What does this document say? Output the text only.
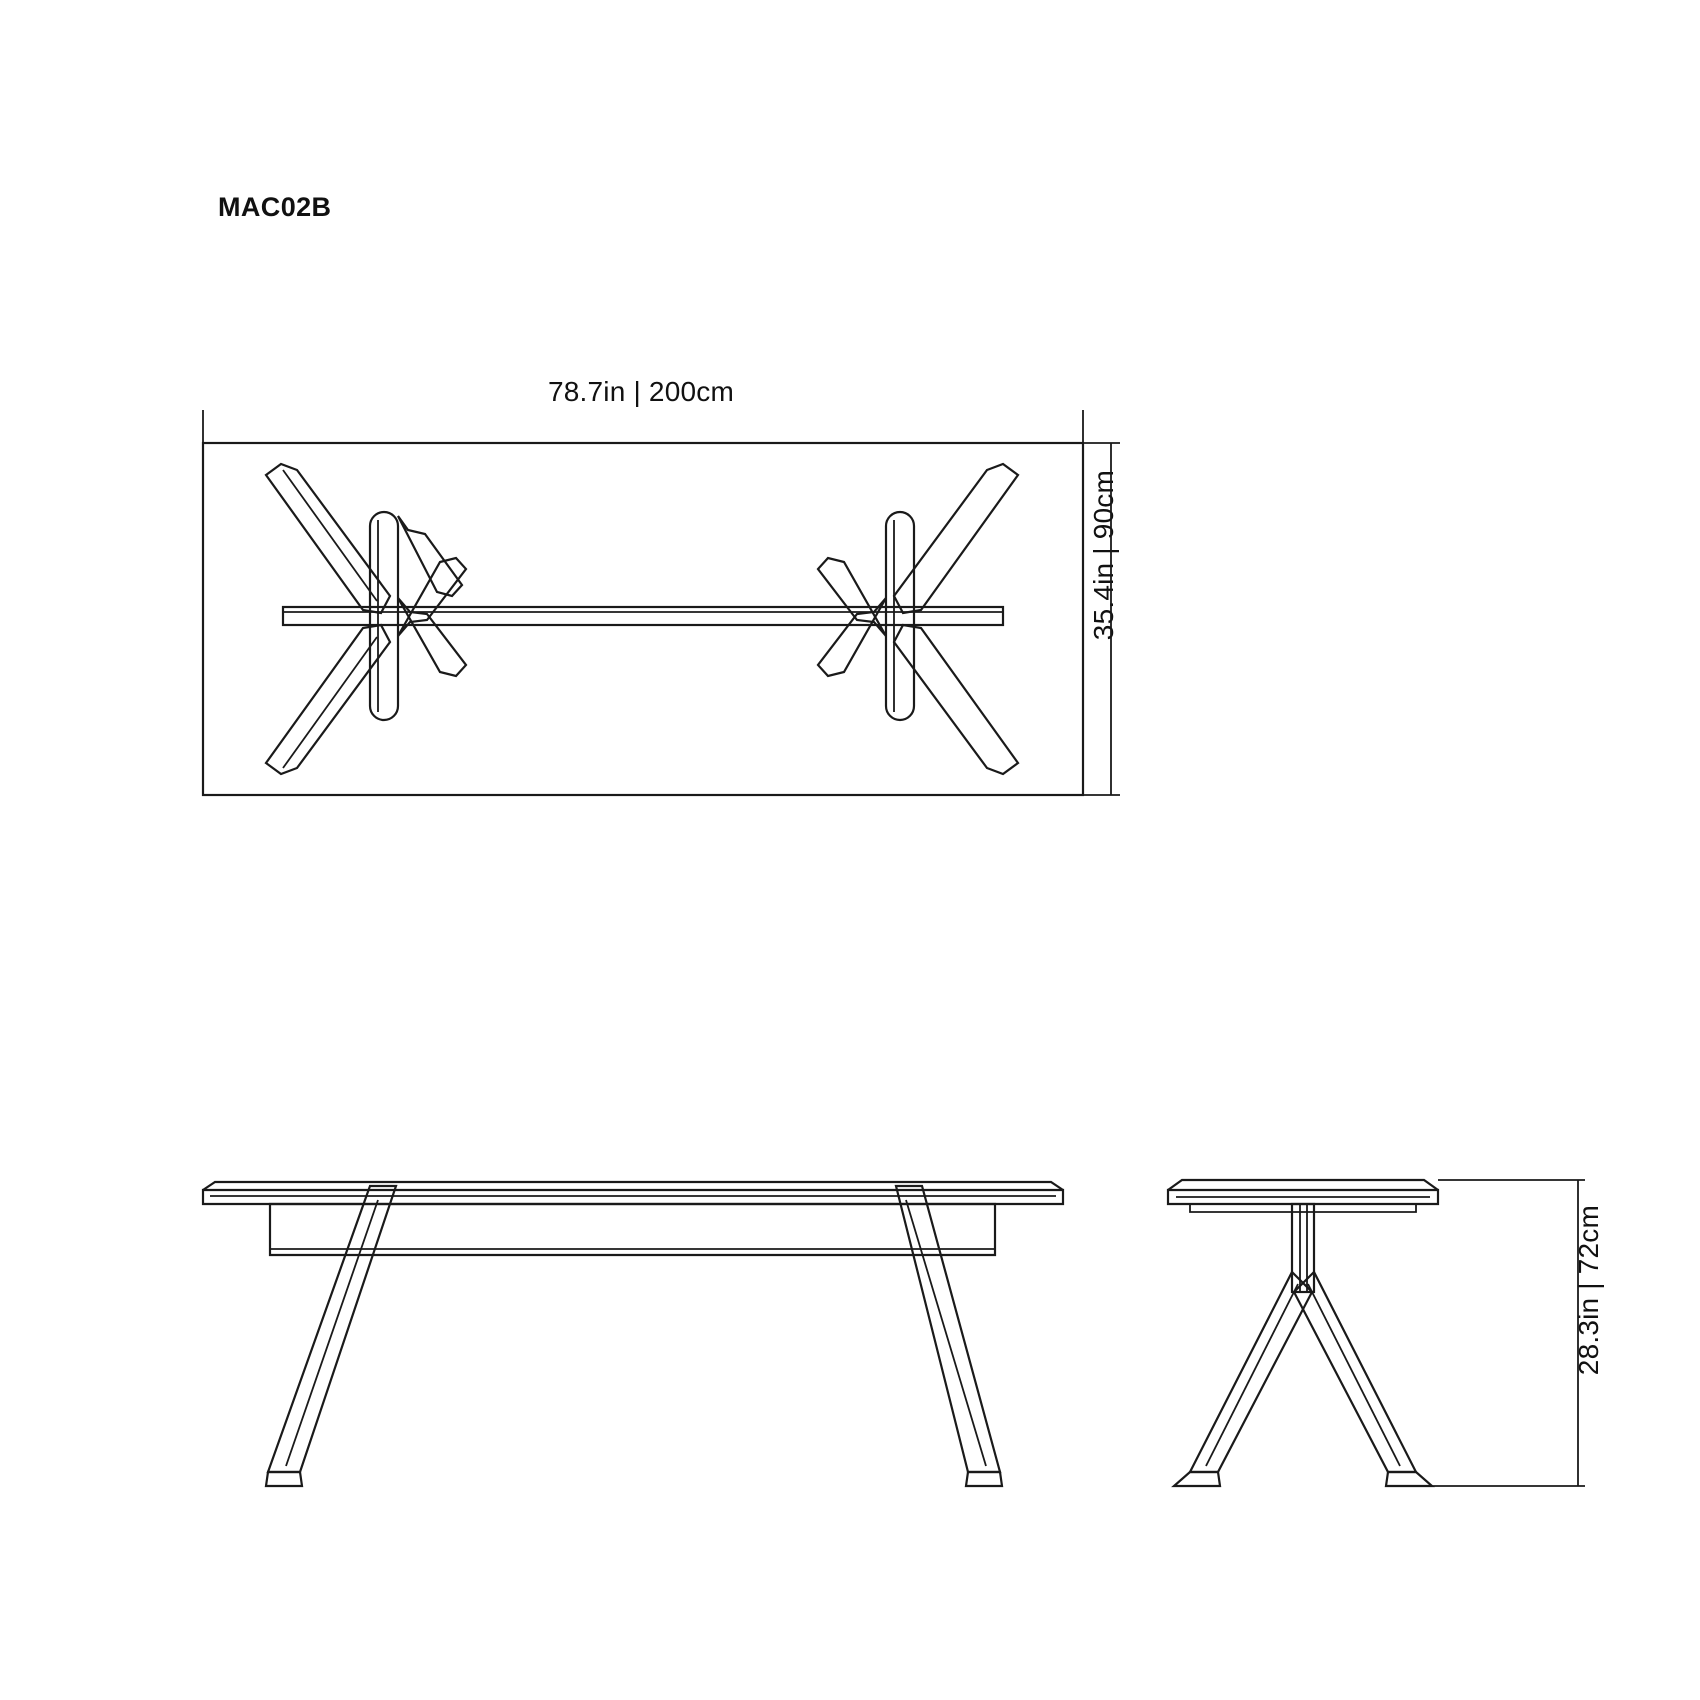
MAC02B
78.7in | 200cm
35.4in | 90cm
28.3in | 72cm
